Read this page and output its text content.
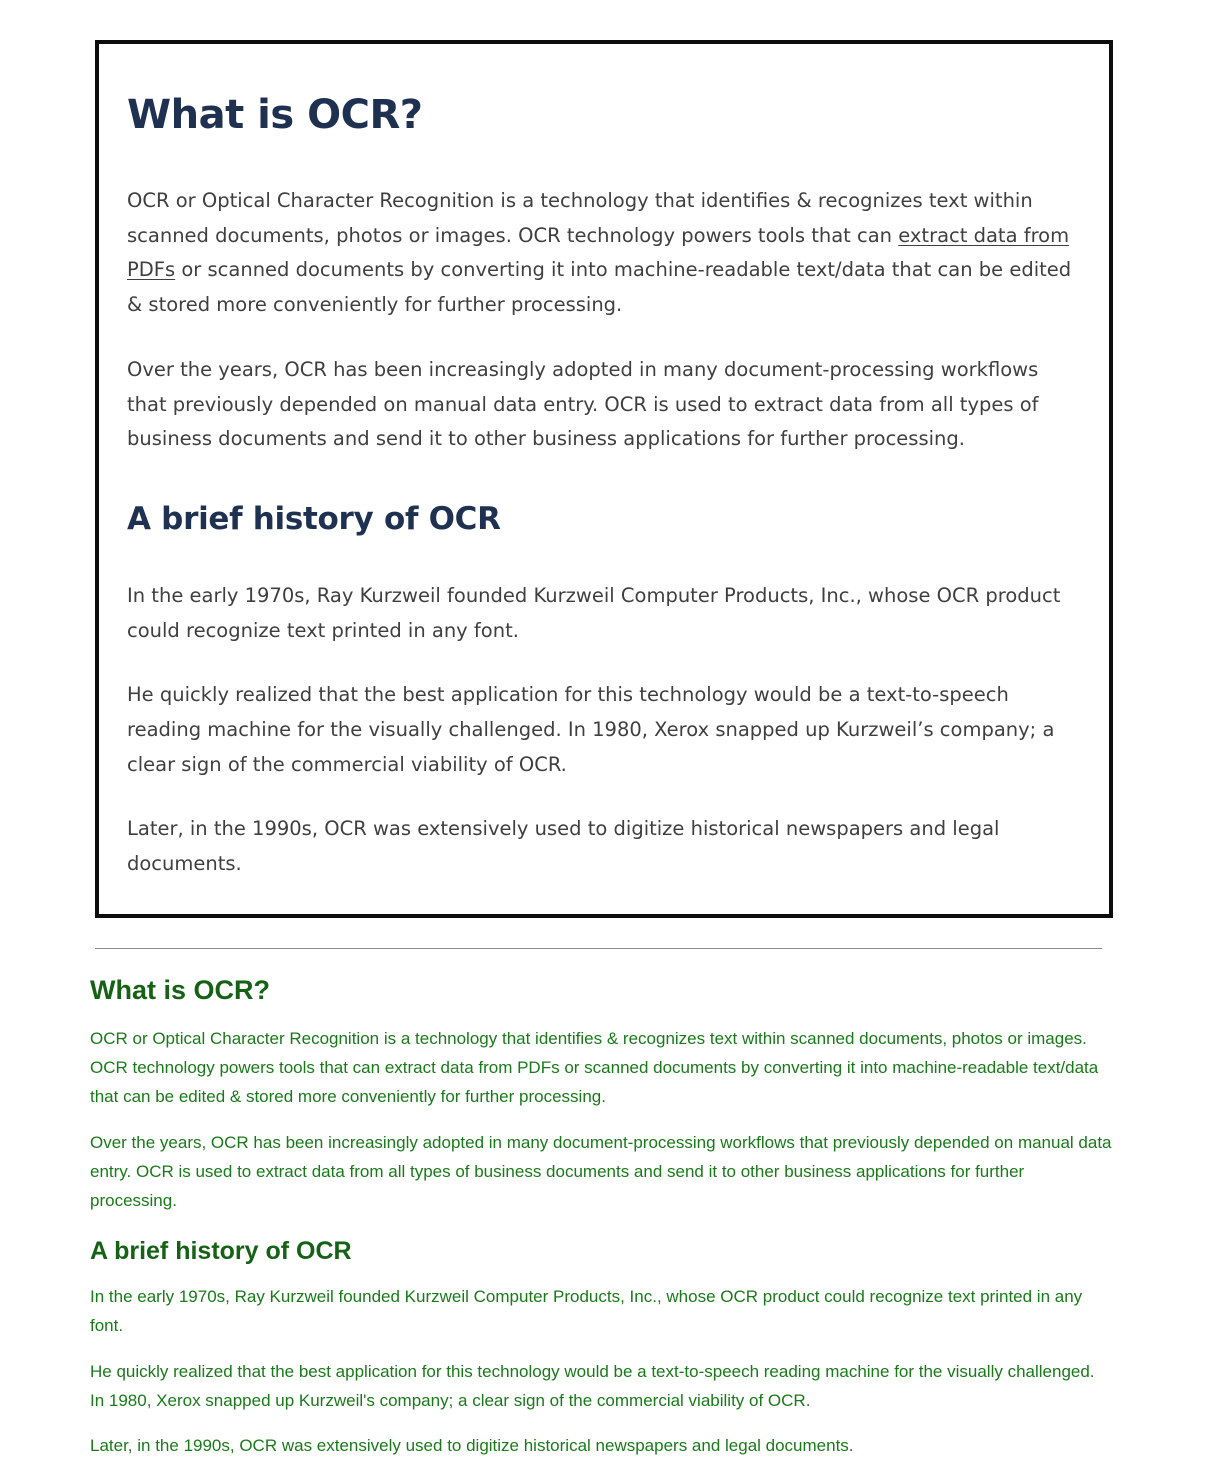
What is OCR?

OCR or Optical Character Recognition is a technology that identifies & recognizes text within scanned documents, photos or images. OCR technology powers tools that can extract data from PDFs or scanned documents by converting it into machine-readable text/data that can be edited & stored more conveniently for further processing.

Over the years, OCR has been increasingly adopted in many document-processing workflows that previously depended on manual data entry. OCR is used to extract data from all types of business documents and send it to other business applications for further processing.

A brief history of OCR

In the early 1970s, Ray Kurzweil founded Kurzweil Computer Products, Inc., whose OCR product could recognize text printed in any font.

He quickly realized that the best application for this technology would be a text-to-speech reading machine for the visually challenged. In 1980, Xerox snapped up Kurzweil’s company; a clear sign of the commercial viability of OCR.

Later, in the 1990s, OCR was extensively used to digitize historical newspapers and legal documents.

What is OCR?

OCR or Optical Character Recognition is a technology that identifies & recognizes text within scanned documents, photos or images. OCR technology powers tools that can extract data from PDFs or scanned documents by converting it into machine-readable text/data that can be edited & stored more conveniently for further processing.

Over the years, OCR has been increasingly adopted in many document-processing workflows that previously depended on manual data entry. OCR is used to extract data from all types of business documents and send it to other business applications for further processing.

A brief history of OCR

In the early 1970s, Ray Kurzweil founded Kurzweil Computer Products, Inc., whose OCR product could recognize text printed in any font.

He quickly realized that the best application for this technology would be a text-to-speech reading machine for the visually challenged. In 1980, Xerox snapped up Kurzweil's company; a clear sign of the commercial viability of OCR.

Later, in the 1990s, OCR was extensively used to digitize historical newspapers and legal documents.
